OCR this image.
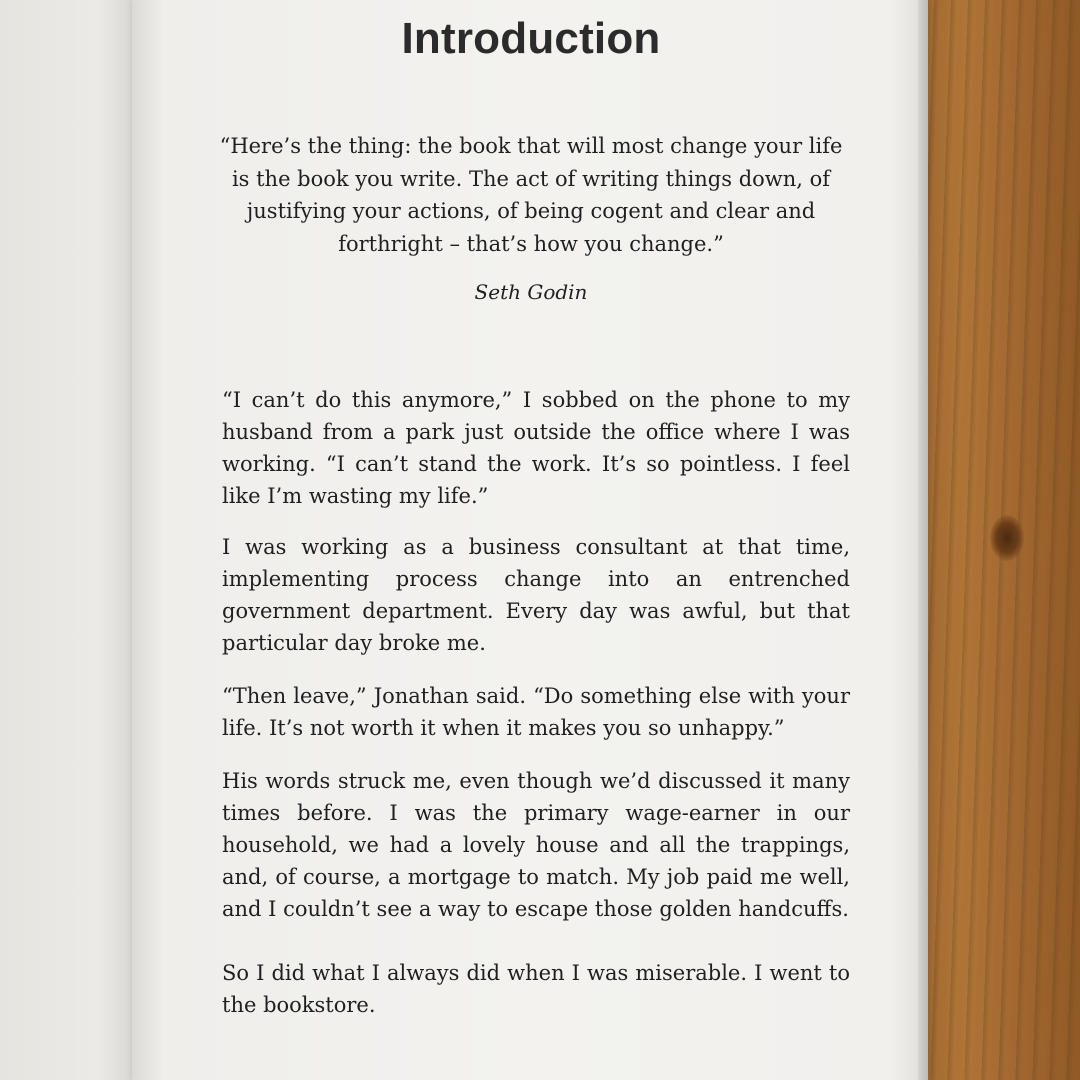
Introduction

“Here’s the thing: the book that will most change your life is the book you write. The act of writing things down, of justifying your actions, of being cogent and clear and forthright – that’s how you change.”

Seth Godin

“I can’t do this anymore,” I sobbed on the phone to my husband from a park just outside the office where I was working. “I can’t stand the work. It’s so pointless. I feel like I’m wasting my life.”

I was working as a business consultant at that time, implementing process change into an entrenched government department. Every day was awful, but that particular day broke me.

“Then leave,” Jonathan said. “Do something else with your life. It’s not worth it when it makes you so unhappy.”

His words struck me, even though we’d discussed it many times before. I was the primary wage-earner in our household, we had a lovely house and all the trappings, and, of course, a mortgage to match. My job paid me well, and I couldn’t see a way to escape those golden handcuffs.

So I did what I always did when I was miserable. I went to the bookstore.
